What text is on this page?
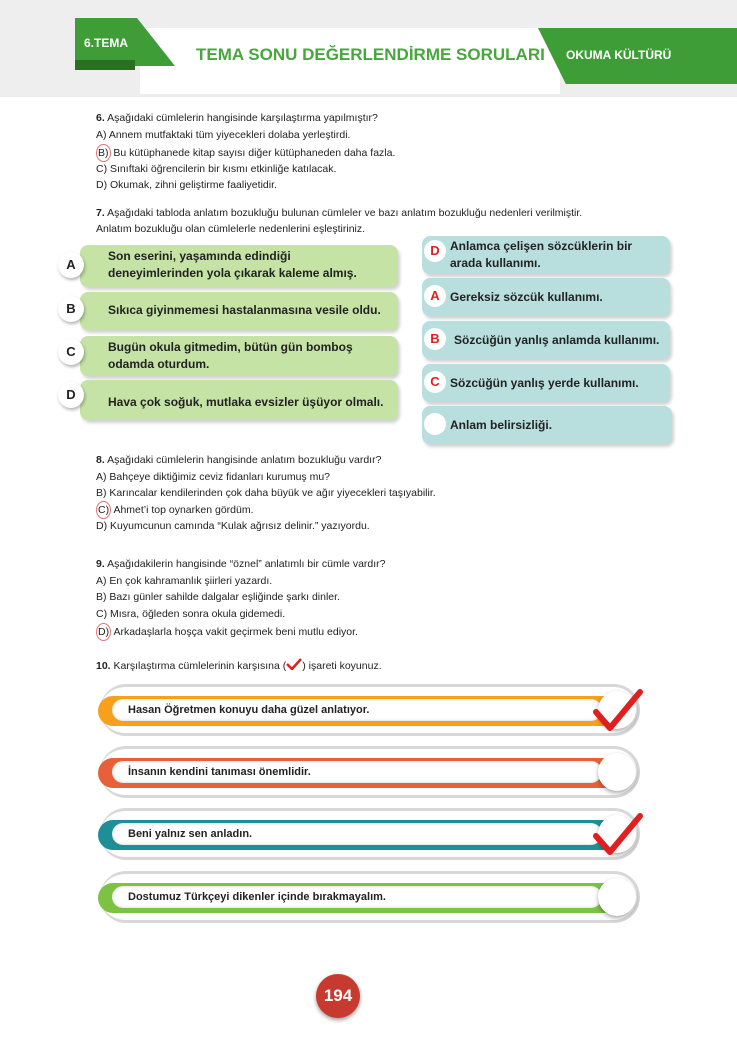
6.TEMA
TEMA SONU DEĞERLENDİRME SORULARI OKUMA KÜLTÜRÜ
6. Aşağıdaki cümlelerin hangisinde karşılaştırma yapılmıştır?
A) Annem mutfaktaki tüm yiyecekleri dolaba yerleştirdi.
B) Bu kütüphanede kitap sayısı diğer kütüphaneden daha fazla.
C) Sınıftaki öğrencilerin bir kısmı etkinliğe katılacak.
D) Okumak, zihni geliştirme faaliyetidir.
7. Aşağıdaki tabloda anlatım bozukluğu bulunan cümleler ve bazı anlatım bozukluğu nedenleri verilmiştir.
Anlatım bozukluğu olan cümlelerle nedenlerini eşleştiriniz.
Son eserini, yaşamında edindiği deneyimlerinden yola çıkarak kaleme almış.
A
Sıkıca giyinmemesi hastalanmasına vesile oldu.
B
Bugün okula gitmedim, bütün gün bomboş odamda oturdum.
C
Hava çok soğuk, mutlaka evsizler üşüyor olmalı.
D
Anlamca çelişen sözcüklerin bir arada kullanımı.
D
Gereksiz sözcük kullanımı.
A
Sözcüğün yanlış anlamda kullanımı.
B
Sözcüğün yanlış yerde kullanımı.
C
Anlam belirsizliği.
8. Aşağıdaki cümlelerin hangisinde anlatım bozukluğu vardır?
A) Bahçeye diktiğimiz ceviz fidanları kurumuş mu?
B) Karıncalar kendilerinden çok daha büyük ve ağır yiyecekleri taşıyabilir.
C) Ahmet’i top oynarken gördüm.
D) Kuyumcunun camında “Kulak ağrısız delinir.” yazıyordu.
9. Aşağıdakilerin hangisinde “öznel” anlatımlı bir cümle vardır?
A) En çok kahramanlık şiirleri yazardı.
B) Bazı günler sahilde dalgalar eşliğinde şarkı dinler.
C) Mısra, öğleden sonra okula gidemedi.
D) Arkadaşlarla hoşça vakit geçirmek beni mutlu ediyor.
10. Karşılaştırma cümlelerinin karşısına ( ) işareti koyunuz.
Hasan Öğretmen konuyu daha güzel anlatıyor.
İnsanın kendini tanıması önemlidir.
Beni yalnız sen anladın.
Dostumuz Türkçeyi dikenler içinde bırakmayalım.
194
